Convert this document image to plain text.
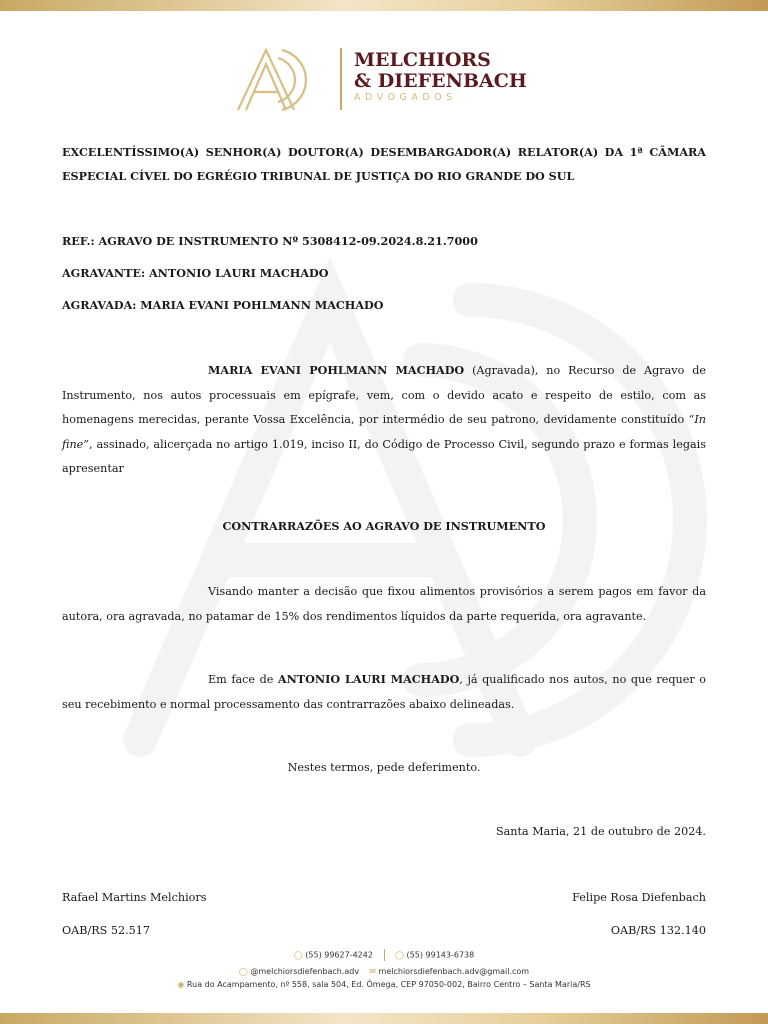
MELCHIORS
& DIEFENBACH
ADVOGADOS
EXCELENTÍSSIMO(A) SENHOR(A) DOUTOR(A) DESEMBARGADOR(A) RELATOR(A) DA 1ª CÂMARA
ESPECIAL CÍVEL DO EGRÉGIO TRIBUNAL DE JUSTIÇA DO RIO GRANDE DO SUL
REF.: AGRAVO DE INSTRUMENTO Nº 5308412-09.2024.8.21.7000
AGRAVANTE: ANTONIO LAURI MACHADO
AGRAVADA: MARIA EVANI POHLMANN MACHADO
MARIA EVANI POHLMANN MACHADO (Agravada), no Recurso de Agravo de Instrumento, nos autos processuais em epígrafe, vem, com o devido acato e respeito de estilo, com as homenagens merecidas, perante Vossa Excelência, por intermédio de seu patrono, devidamente constituído “In fine”, assinado, alicerçada no artigo 1.019, inciso II, do Código de Processo Civil, segundo prazo e formas legais apresentar
CONTRARRAZÕES AO AGRAVO DE INSTRUMENTO
Visando manter a decisão que fixou alimentos provisórios a serem pagos em favor da autora, ora agravada, no patamar de 15% dos rendimentos líquidos da parte requerida, ora agravante.
Em face de ANTONIO LAURI MACHADO, já qualificado nos autos, no que requer o seu recebimento e normal processamento das contrarrazões abaixo delineadas.
Nestes termos, pede deferimento.
Santa Maria, 21 de outubro de 2024.
Rafael Martins Melchiors
OAB/RS 52.517
Felipe Rosa Diefenbach
OAB/RS 132.140
◯ (55) 99627-4242	◯ (55) 99143-6738
◯ @melchiorsdiefenbach.adv ✉ melchiorsdiefenbach.adv@gmail.com
◉ Rua do Acampamento, nº 558, sala 504, Ed. Ômega, CEP 97050-002, Bairro Centro – Santa Maria/RS
